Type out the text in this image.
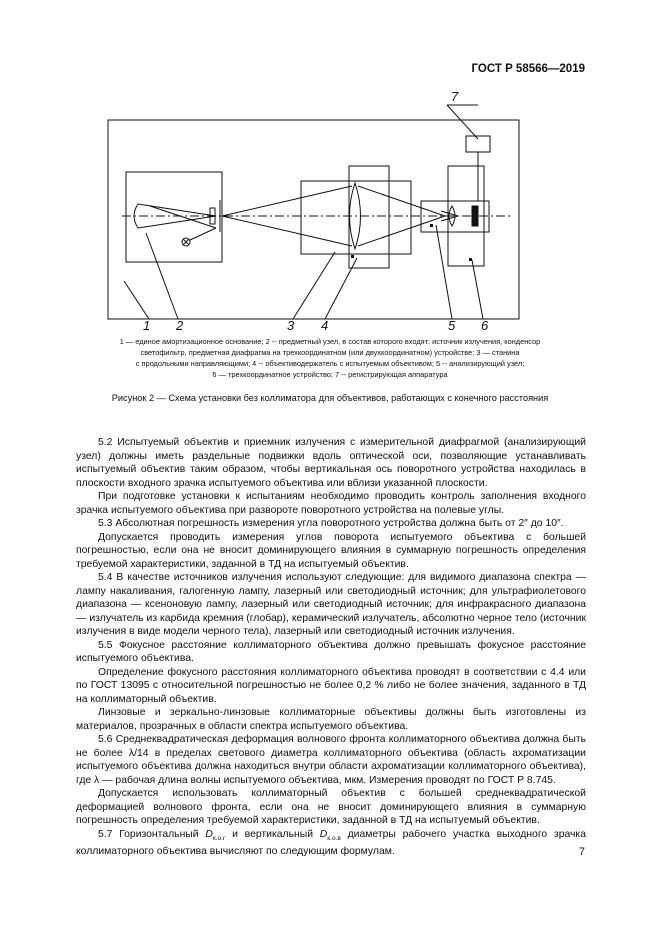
ГОСТ Р 58566—2019
1 2	3 4	5 6
7
1 — единое амортизационное основание; 2 -- предметный узел, в состав которого входят: источник излучения, конденсор
светофильтр, предметная диафрагма на трехкоординатном (или двухкоординатном) устройстве; 3 — станина
с продольными направляющими; 4 -- объективодержатель с испытуемым объективом; 5 -- анализирующий узел;
6 — трехкоординатное устройство; 7 -- регистрирующая аппаратура
Рисунок 2 — Схема установки без коллиматора для объективов, работающих с конечного расстояния

5.2 Испытуемый объектив и приемник излучения с измерительной диафрагмой (анализирующий узел) должны иметь раздельные подвижки вдоль оптической оси, позволяющие устанавливать испытуемый объектив таким образом, чтобы вертикальная ось поворотного устройства находилась в плоскости входного зрачка испытуемого объектива или вблизи указанной плоскости.

При подготовке установки к испытаниям необходимо проводить контроль заполнения входного зрачка испытуемого объектива при развороте поворотного устройства на полевые углы.

5.3 Абсолютная погрешность измерения угла поворотного устройства должна быть от 2″ до 10″.

Допускается проводить измерения углов поворота испытуемого объектива с большей погрешностью, если она не вносит доминирующего влияния в суммарную погрешность определения требуемой характеристики, заданной в ТД на испытуемый объектив.

5.4 В качестве источников излучения используют следующие: для видимого диапазона спектра — лампу накаливания, галогенную лампу, лазерный или светодиодный источник; для ультрафиолетового диапазона — ксеноновую лампу, лазерный или светодиодный источник; для инфракрасного диапазона — излучатель из карбида кремния (глобар), керамический излучатель, абсолютно черное тело (источник излучения в виде модели черного тела), лазерный или светодиодный источник излучения.

5.5 Фокусное расстояние коллиматорного объектива должно превышать фокусное расстояние испытуемого объектива.

Определение фокусного расстояния коллиматорного объектива проводят в соответствии с 4.4 или по ГОСТ 13095 с относительной погрешностью не более 0,2 % либо не более значения, заданного в ТД на коллиматорный объектив.

Линзовые и зеркально-линзовые коллиматорные объективы должны быть изготовлены из материалов, прозрачных в области спектра испытуемого объектива.

5.6 Среднеквадратическая деформация волнового фронта коллиматорного объектива должна быть не более λ/14 в пределах светового диаметра коллиматорного объектива (область ахроматизации испытуемого объектива должна находиться внутри области ахроматизации коллиматорного объектива), где λ — рабочая длина волны испытуемого объектива, мкм. Измерения проводят по ГОСТ Р 8.745.

Допускается использовать коллиматорный объектив с большей среднеквадратической деформацией волнового фронта, если она не вносит доминирующего влияния в суммарную погрешность определения требуемой характеристики, заданной в ТД на испытуемый объектив.

5.7 Горизонтальный $D_{к.о.г}$ и вертикальный $D_{к.о.в}$ диаметры рабочего участка выходного зрачка коллиматорного объектива вычисляют по следующим формулам.	7
